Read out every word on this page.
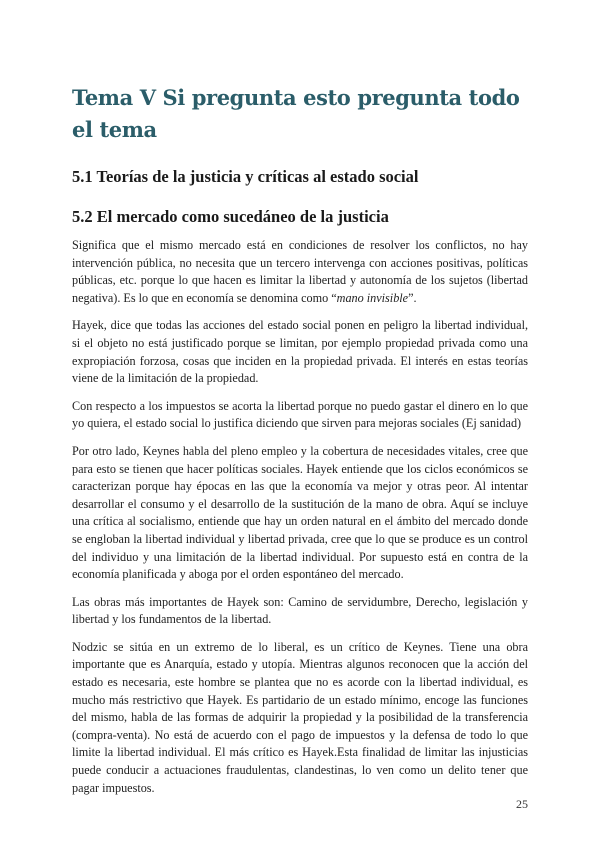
Tema V Si pregunta esto pregunta todo el tema
5.1 Teorías de la justicia y críticas al estado social
5.2 El mercado como sucedáneo de la justicia

Significa que el mismo mercado está en condiciones de resolver los conflictos, no hay intervención pública, no necesita que un tercero intervenga con acciones positivas, políticas públicas, etc. porque lo que hacen es limitar la libertad y autonomía de los sujetos (libertad negativa). Es lo que en economía se denomina como “mano invisible”.

Hayek, dice que todas las acciones del estado social ponen en peligro la libertad individual, si el objeto no está justificado porque se limitan, por ejemplo propiedad privada como una expropiación forzosa, cosas que inciden en la propiedad privada. El interés en estas teorías viene de la limitación de la propiedad.

Con respecto a los impuestos se acorta la libertad porque no puedo gastar el dinero en lo que yo quiera, el estado social lo justifica diciendo que sirven para mejoras sociales (Ej sanidad)

Por otro lado, Keynes habla del pleno empleo y la cobertura de necesidades vitales, cree que para esto se tienen que hacer políticas sociales. Hayek entiende que los ciclos económicos se caracterizan porque hay épocas en las que la economía va mejor y otras peor. Al intentar desarrollar el consumo y el desarrollo de la sustitución de la mano de obra. Aquí se incluye una crítica al socialismo, entiende que hay un orden natural en el ámbito del mercado donde se engloban la libertad individual y libertad privada, cree que lo que se produce es un control del individuo y una limitación de la libertad individual. Por supuesto está en contra de la economía planificada y aboga por el orden espontáneo del mercado.

Las obras más importantes de Hayek son: Camino de servidumbre, Derecho, legislación y libertad y los fundamentos de la libertad.

Nodzic se sitúa en un extremo de lo liberal, es un crítico de Keynes. Tiene una obra importante que es Anarquía, estado y utopía. Mientras algunos reconocen que la acción del estado es necesaria, este hombre se plantea que no es acorde con la libertad individual, es mucho más restrictivo que Hayek. Es partidario de un estado mínimo, encoge las funciones del mismo, habla de las formas de adquirir la propiedad y la posibilidad de la transferencia (compra-venta). No está de acuerdo con el pago de impuestos y la defensa de todo lo que limite la libertad individual. El más crítico es Hayek.Esta finalidad de limitar las injusticias puede conducir a actuaciones fraudulentas, clandestinas, lo ven como un delito tener que pagar impuestos.

25
